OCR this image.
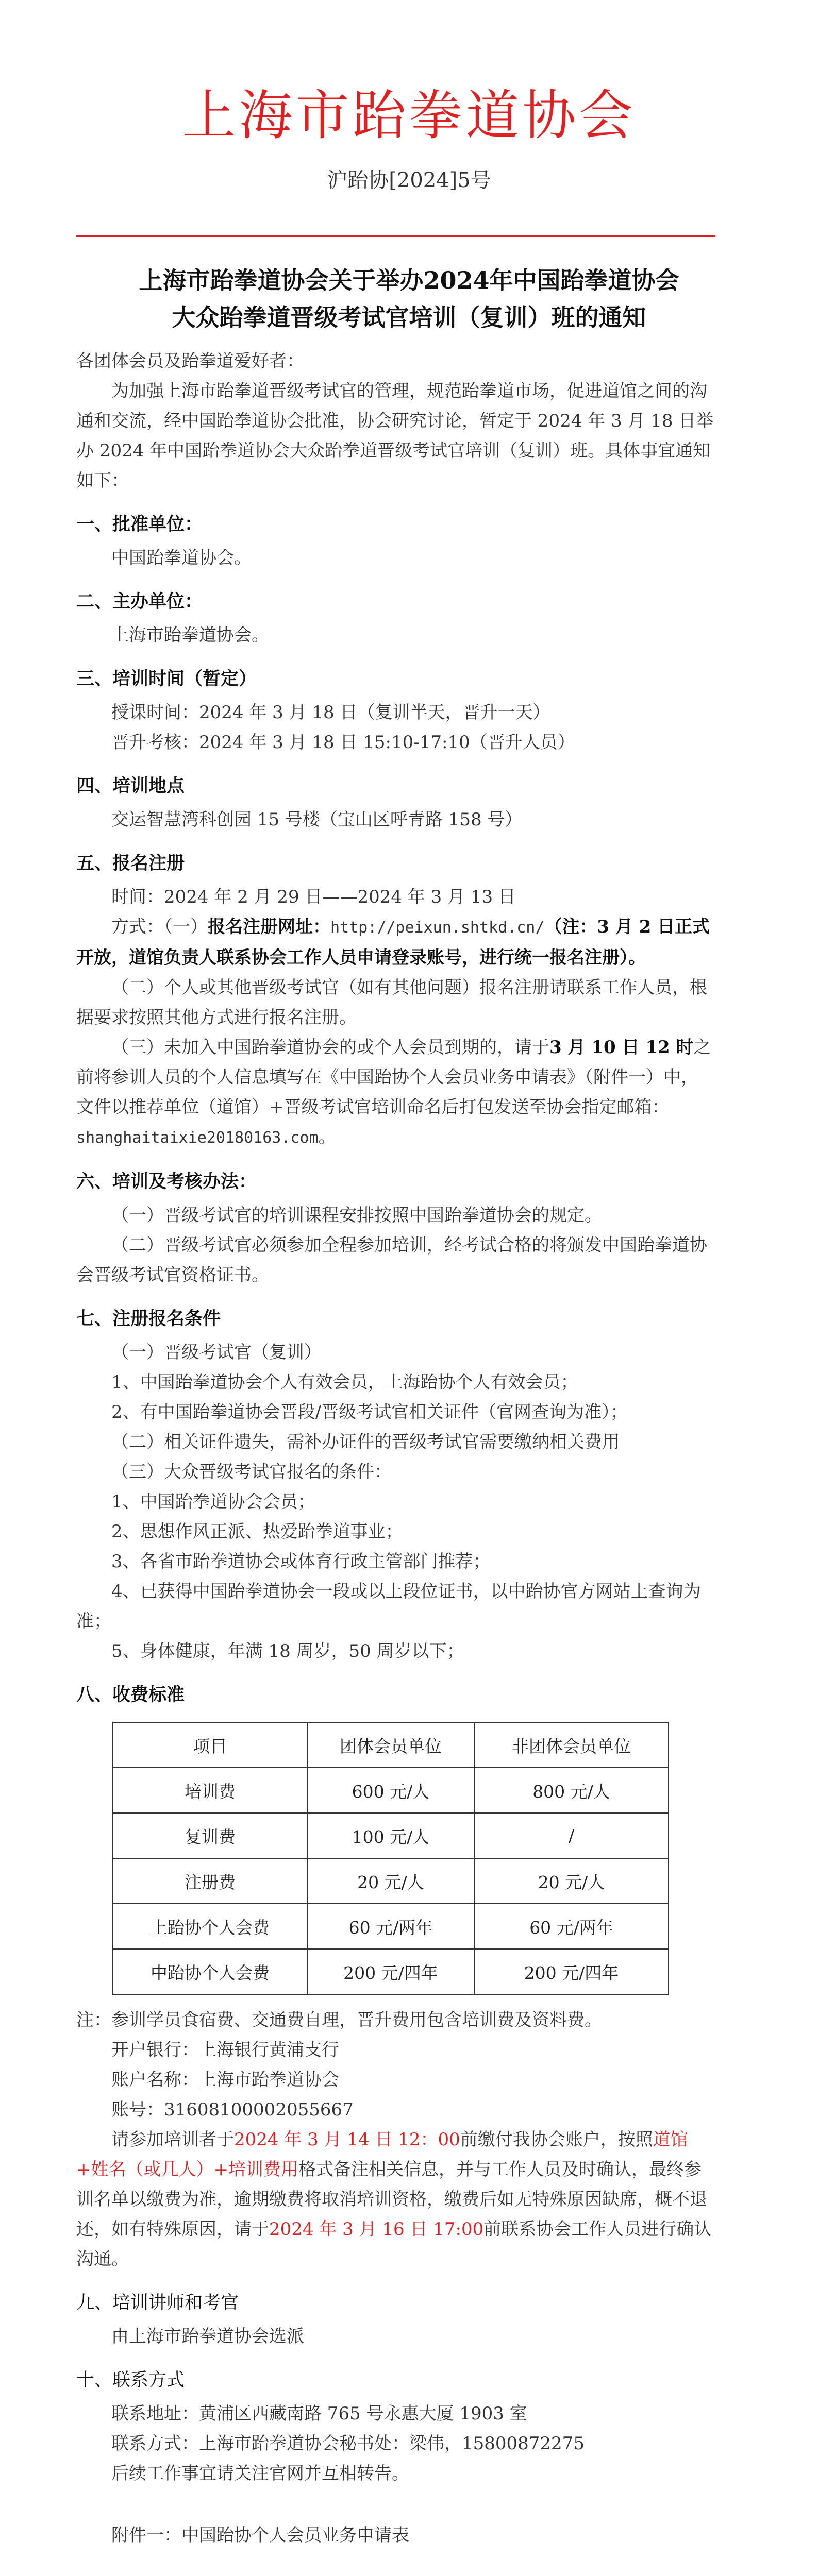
上海市跆拳道协会
沪跆协[2024]5号
上海市跆拳道协会关于举办2024年中国跆拳道协会
大众跆拳道晋级考试官培训（复训）班的通知

各团体会员及跆拳道爱好者：

为加强上海市跆拳道晋级考试官的管理，规范跆拳道市场，促进道馆之间的沟通和交流，经中国跆拳道协会批准，协会研究讨论，暂定于 2024 年 3 月 18 日举办 2024 年中国跆拳道协会大众跆拳道晋级考试官培训（复训）班。具体事宜通知如下：

一、批准单位：

中国跆拳道协会。

二、主办单位：

上海市跆拳道协会。

三、培训时间（暂定）

授课时间：2024 年 3 月 18 日（复训半天，晋升一天）

晋升考核：2024 年 3 月 18 日 15:10-17:10（晋升人员）

四、培训地点

交运智慧湾科创园 15 号楼（宝山区呼青路 158 号）

五、报名注册

时间：2024 年 2 月 29 日——2024 年 3 月 13 日

方式：（一）报名注册网址：http://peixun.shtkd.cn/（注：3 月 2 日正式开放，道馆负责人联系协会工作人员申请登录账号，进行统一报名注册）。

（二）个人或其他晋级考试官（如有其他问题）报名注册请联系工作人员，根据要求按照其他方式进行报名注册。

（三）未加入中国跆拳道协会的或个人会员到期的，请于3 月 10 日 12 时之前将参训人员的个人信息填写在《中国跆协个人会员业务申请表》（附件一）中，文件以推荐单位（道馆）+晋级考试官培训命名后打包发送至协会指定邮箱：shanghaitaixie20180163.com。

六、培训及考核办法：

（一）晋级考试官的培训课程安排按照中国跆拳道协会的规定。

（二）晋级考试官必须参加全程参加培训，经考试合格的将颁发中国跆拳道协会晋级考试官资格证书。

七、注册报名条件

（一）晋级考试官（复训）

1、中国跆拳道协会个人有效会员，上海跆协个人有效会员；

2、有中国跆拳道协会晋段/晋级考试官相关证件（官网查询为准）；

（二）相关证件遗失，需补办证件的晋级考试官需要缴纳相关费用

（三）大众晋级考试官报名的条件：

1、中国跆拳道协会会员；

2、思想作风正派、热爱跆拳道事业；

3、各省市跆拳道协会或体育行政主管部门推荐；

4、已获得中国跆拳道协会一段或以上段位证书，以中跆协官方网站上查询为准；

5、身体健康，年满 18 周岁，50 周岁以下；

八、收费标准
项目	团体会员单位	非团体会员单位
培训费	600 元/人	800 元/人
复训费	100 元/人	/
注册费	20 元/人	20 元/人
上跆协个人会费	60 元/两年	60 元/两年
中跆协个人会费	200 元/四年	200 元/四年

注：参训学员食宿费、交通费自理，晋升费用包含培训费及资料费。

开户银行：上海银行黄浦支行

账户名称：上海市跆拳道协会

账号：31608100002055667

请参加培训者于2024 年 3 月 14 日 12：00前缴付我协会账户，按照道馆+姓名（或几人）+培训费用格式备注相关信息，并与工作人员及时确认，最终参训名单以缴费为准，逾期缴费将取消培训资格，缴费后如无特殊原因缺席，概不退还，如有特殊原因，请于2024 年 3 月 16 日 17:00前联系协会工作人员进行确认沟通。

九、培训讲师和考官

由上海市跆拳道协会选派

十、联系方式

联系地址：黄浦区西藏南路 765 号永惠大厦 1903 室

联系方式：上海市跆拳道协会秘书处：梁伟，15800872275

后续工作事宜请关注官网并互相转告。

附件一：中国跆协个人会员业务申请表
